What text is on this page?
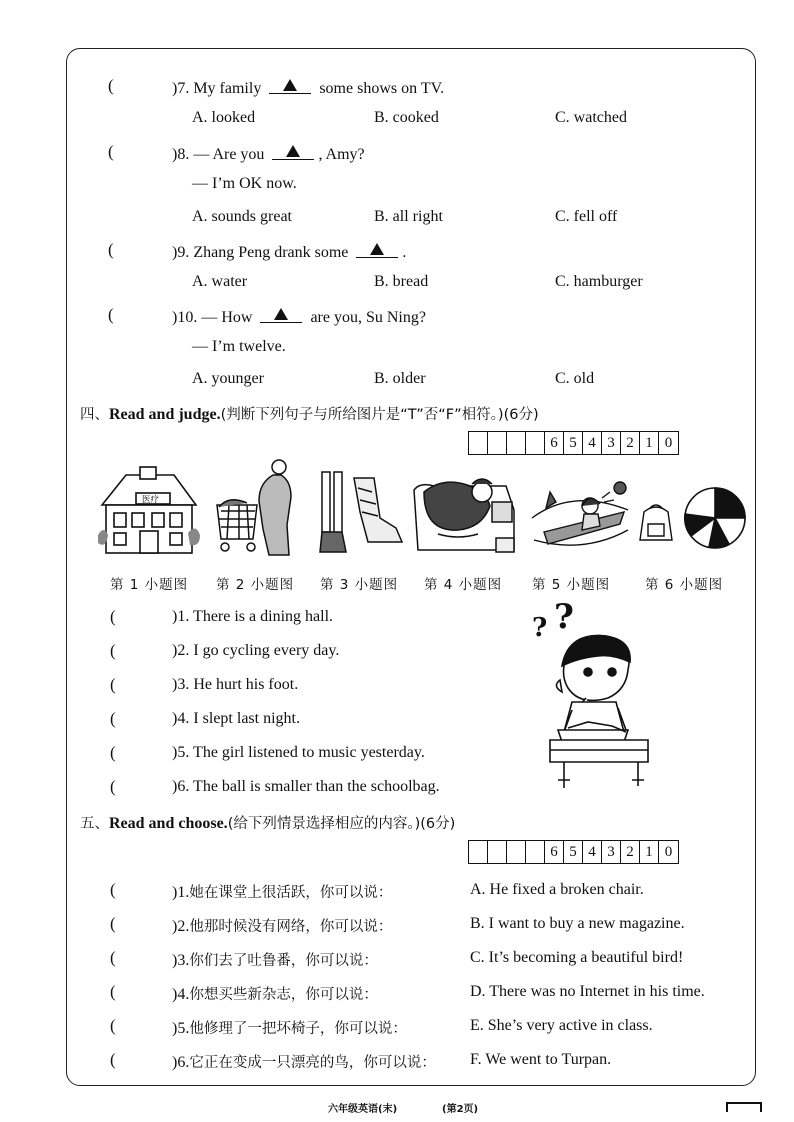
(	)7. My family	some shows on TV.
A. looked	B. cooked	C. watched
(	)8. — Are you	, Amy?
— I’m OK now.
A. sounds great	B. all right	C. fell off
(	)9. Zhang Peng drank some	.
A. water	B. bread	C. hamburger
(	)10. — How	are you, Su Ning?
— I’m twelve.
A. younger	B. older	C. old
四、Read and judge.(判断下列句子与所给图片是“T”否“F”相符。)(6分)
6 5 4 3 2 1 0
医疗
第 1 小题图 第 2 小题图 第 3 小题图 第 4 小题图 第 5 小题图	第 6 小题图
(	)1. There is a dining hall.
(	)2. I go cycling every day.
(	)3. He hurt his foot.
(	)4. I slept last night.
(	)5. The girl listened to music yesterday.
(	)6. The ball is smaller than the schoolbag.
? ?
五、Read and choose.(给下列情景选择相应的内容。)(6分)
6 5 4 3 2 1 0
(	)1.她在课堂上很活跃，你可以说：	A. He fixed a broken chair.
(	)2.他那时候没有网络，你可以说：	B. I want to buy a new magazine.
(	)3.你们去了吐鲁番，你可以说：	C. It’s becoming a beautiful bird!
(	)4.你想买些新杂志，你可以说：	D. There was no Internet in his time.
(	)5.他修理了一把坏椅子，你可以说：	E. She’s very active in class.
(	)6.它正在变成一只漂亮的鸟，你可以说： F. We went to Turpan.
六年级英语(末)	(第2页)
